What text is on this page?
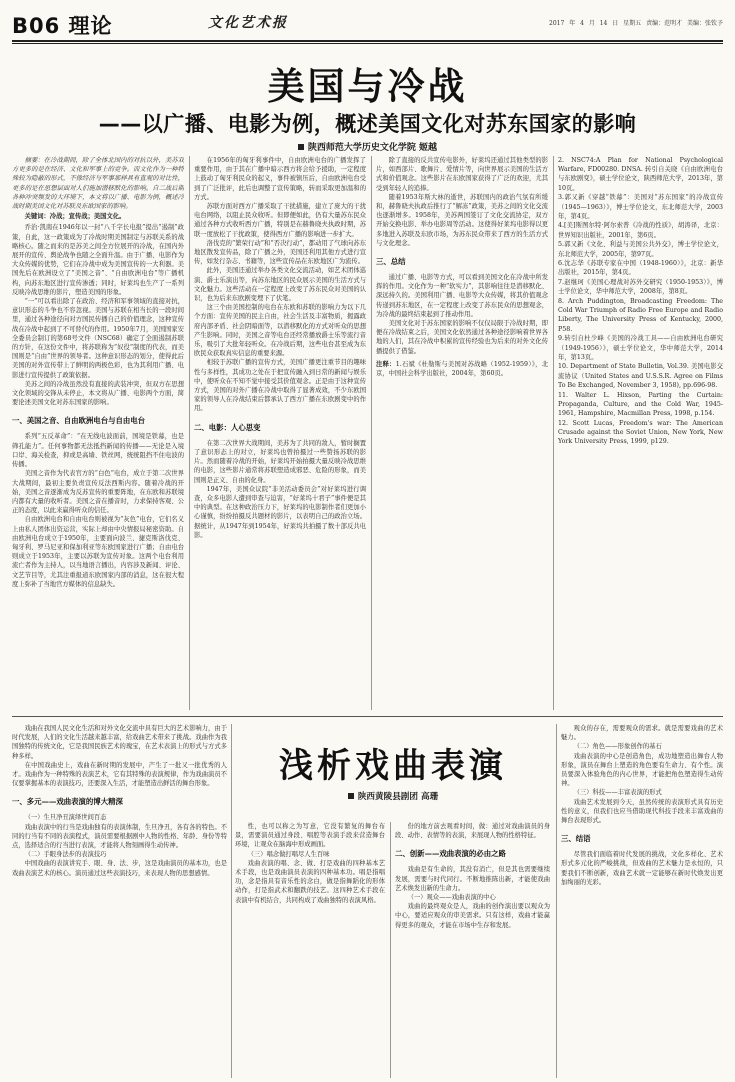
B06 理论	文化艺术报	2017 年 4 月 14 日 星期五 责编：范明才 美编：张钦予
美国与冷战
——以广播、电影为例，概述美国文化对苏东国家的影响
陕西师范大学历史文化学院 姬越

摘要：在冷战期间，除了全体北国内的对抗以外，美苏双方更多的是在经济、文化和军事上的竞争。而文化作为一种特殊较为隐蔽的形式，不像经济与军事那样具有直观的对比性，更多的是在思想层面对人们施加潜移默化的影响。自二战后期各种冲突频发的大环境下，本文将以广播、电影为例，概述冷战时期美国文化对苏联及东欧国家的影响。

关键词：冷战；宣传战；美国文化。

乔治·凯南在1946年以一封“八千字长电报”提出“遏制”政策，自此，这一政策成为了冷战时期美国制定与苏联关系的战略核心。随之而来的是苏美之间全方位展开的冷战，在国内外展开的宣传、舆论战争也随之全面升温。由于广播、电影作为大众传媒的优势，它们在冷战中成为美国宣传的一大利器。美国先后在欧洲设立了“美国之音”、“自由欧洲电台”等广播机构，向苏东地区进行宣传渗透；同时，好莱坞也生产了一系列反映冷战思维的影片，塑造美国的形象。

“一”可以看出除了在政治、经济和军事领域的直接对抗，意识形态的斗争也不容忽视。美国与苏联在相当长的一段时间里，通过各种途径向对方国民传播自己的价值理念，这种宣传战在冷战中起到了不可替代的作用。1950年7月，美国国家安全委员会制订的第68号文件（NSC68）确定了全面遏制苏联的方针，在这份文件中，将苏联称为“奴役”制度的代表，而美国则是“自由”世界的领导者。这种意识形态的划分，使得此后美国的对外宣传带上了鲜明的两极色彩，也为其利用广播、电影进行宣传提供了政策依据。

美苏之间的冷战虽然没有直接的武装冲突，但双方在思想文化领域的交锋从未停止，本文将从广播、电影两个方面，简要论述美国文化对苏东国家的影响。

一、美国之音、自由欧洲电台与自由电台

系列“五反革命”：“在无线电波面前，国境是铁幕，也是筛孔能力”。任何事物都无法抵挡新闻的传播——无论是入境口岸、海关检查，抑或是高墙、铁丝网，统统阻挡不住电波的传播。

美国之音作为代表官方的“白色”电台，成立于第二次世界大战期间，最初主要负责宣传反法西斯内容。随着冷战的开始，美国之音逐渐成为反苏宣传的重要阵地，在东欧和苏联境内都有大量的收听者。美国之音在播音时，力求保持客观、公正的态度，以此来赢得听众的信任。

自由欧洲电台和自由电台则被视为“灰色”电台，它们名义上由私人团体出资运营，实际上却由中央情报局秘密资助。自由欧洲电台成立于1950年，主要面向波兰、捷克斯洛伐克、匈牙利、罗马尼亚和保加利亚等东欧国家进行广播；自由电台则成立于1953年，主要以苏联为宣传对象。这两个电台利用流亡者作为主持人，以当地语言播出，内容涉及新闻、评论、文艺节目等，尤其注重报道东欧国家内部的消息，这在很大程度上弥补了当地官方媒体的信息缺失。

在1956年的匈牙利事件中，自由欧洲电台的广播发挥了重要作用，由于其在广播中暗示西方将会给予援助，一定程度上鼓动了匈牙利民众的起义，事件被镇压后，自由欧洲电台受到了广泛批评，此后也调整了宣传策略，转而采取更加温和的方式。

苏联方面对西方广播采取了干扰措施，建立了庞大的干扰电台网络，以阻止民众收听。但即便如此，仍有大量苏东民众通过各种方式收听西方广播，特别是在赫鲁晓夫执政时期，苏联一度放松了干扰政策，使得西方广播的影响进一步扩大。

洛伐克的“繁荣行动”和“否决行动”，都动用了气球向苏东地区散发宣传品，除了广播之外，美国还利用其他方式进行宣传，如发行杂志、书籍等，这些宣传品在东欧地区广为流传。

此外，美国还通过举办各类文化交流活动，如艺术团体巡演、爵士乐演出等，向苏东地区的民众展示美国的生活方式与文化魅力。这些活动在一定程度上改变了苏东民众对美国的认识，也为后来东欧剧变埋下了伏笔。

这三个由美国控制的电台在东欧和苏联的影响力为以下几个方面：宣传美国的民主自由，社会生活及丰富物质，揭露政府内部矛盾、社会阴暗面等，以潜移默化的方式对听众的思想产生影响。同时，美国之音等电台还经常播放爵士乐等流行音乐，吸引了大批年轻听众。在冷战后期，这些电台甚至成为东欧民众获取真实信息的重要来源。

相较于苏联广播的宣传方式，美国广播更注重节目的趣味性与多样性，其成功之处在于把宣传融入到日常的新闻与娱乐中，使听众在不知不觉中接受其价值观念。正是由于这种宣传方式，美国的对外广播在冷战中取得了显著成效，不少东欧国家的领导人在冷战结束后都承认了西方广播在东欧剧变中的作用。

二、电影：人心思变

在第二次世界大战期间，美苏为了共同的敌人，暂时搁置了意识形态上的对立，好莱坞也曾拍摄过一些赞扬苏联的影片。然而随着冷战的开始，好莱坞开始拍摄大量反映冷战思维的电影，这些影片通常将苏联塑造成邪恶、危险的形象，而美国则是正义、自由的化身。

1947年，美国众议院“非美活动委员会”对好莱坞进行调查，众多电影人遭到审查与迫害，“好莱坞十君子”事件便是其中的典型。在这种政治压力下，好莱坞的电影制作者们更加小心谨慎，纷纷拍摄反共题材的影片，以表明自己的政治立场。据统计，从1947年到1954年，好莱坞共拍摄了数十部反共电影。

除了直接的反共宣传电影外，好莱坞还通过其他类型的影片，如西部片、歌舞片、爱情片等，向世界展示美国的生活方式和价值观念。这些影片在东欧国家获得了广泛的欢迎，尤其受到年轻人的追捧。

随着1953年斯大林的逝世，苏联国内的政治气氛有所缓和，赫鲁晓夫执政后推行了“解冻”政策，美苏之间的文化交流也逐渐增多。1958年，美苏两国签订了文化交流协定，双方开始交换电影、举办电影周等活动。这使得好莱坞电影得以更多地进入苏联及东欧市场，为苏东民众带来了西方的生活方式与文化理念。

三、总结

通过广播、电影等方式，可以看到美国文化在冷战中所发挥的作用。文化作为一种“软实力”，其影响往往是潜移默化、深远持久的。美国利用广播、电影等大众传媒，将其价值观念传递到苏东地区，在一定程度上改变了苏东民众的思想观念，为冷战的最终结束起到了推动作用。

美国文化对于苏东国家的影响不仅仅局限于冷战时期，即便在冷战结束之后，美国文化依然通过各种途径影响着世界各地的人们，其在冷战中积累的宣传经验也为后来的对外文化传播提供了借鉴。

注释：1.石斌《杜勒斯与美国对苏战略（1952-1959）》，北京，中国社会科学出版社，2004年，第60页。

2. NSC74:A Plan for National Psychological Warfare, FD00280. DNSA. 转引自关晓《自由欧洲电台与东欧剧变》，硕士学位论文，陕西师范大学，2013年，第10页。

3.郭又新《穿越“铁幕”：美国对“苏东国家”的冷战宣传（1945—1963）》，博士学位论文，东北师范大学，2003年，第4页。

4.[美]斯图尔特·阿尔索普《冷战的性质》，胡涛译，北京：世界知识出版社，2001年，第6页。

5.郭又新《文化、利益与美国公共外交》，博士学位论文，东北师范大学，2005年，第97页。

6.沈志华《苏联专家在中国（1948-1960）》，北京：新华出版社，2015年，第4页。

7.赵继珂《美国心理战对苏外交研究（1950-1953）》，博士学位论文，华中师范大学，2008年，第8页。

8. Arch Puddington, Broadcasting Freedom: The Cold War Triumph of Radio Free Europe and Radio Liberty, The University Press of Kentucky, 2000, P58.

9.转引自杜少峰《美国的冷战工具——自由欧洲电台研究（1949-1956）》，硕士学位论文，华中师范大学，2014年，第13页。

10. Department of State Bulletin, Vol.39. 美国电影交流协议（United States and U.S.S.R. Agree on Films To Be Exchanged, November 3, 1958), pp.696-98.

11. Walter L. Hixson, Parting the Curtain: Propaganda, Culture, and the Cold War, 1945-1961, Hampshire, Macmillan Press, 1998, p.154.

12. Scott Lucas, Freedom's war: The American Crusade against the Soviet Union, New York, New York University Press, 1999, p129.

浅析戏曲表演
陕西黄陵县剧团 高珊

戏曲在我国人民文化生活和对外文化交流中具有巨大的艺术影响力，由于时代发展，人们的文化生活越来越丰富，给戏曲艺术带来了挑战。戏曲作为我国独特的传统文化，它是我国民族艺术的瑰宝，在艺术表演上的形式与方式多种多样。

在中国戏曲史上，戏曲在新时期的发展中，产生了一批又一批优秀的人才。戏曲作为一种特殊的表演艺术，它有其特殊的表演规律，作为戏曲演员不仅要掌握基本的表演技巧，还要深入生活，才能塑造出鲜活的舞台形象。

一、多元——戏曲表演的博大精深

（一）生旦净丑演绎世间百态

戏曲表演中的行当是戏曲独有的表演体制，生旦净丑，各有各的特色。不同的行当有不同的表演程式，演员需要根据剧中人物的性格、年龄、身份等特点，选择适合的行当进行表演，才能将人物刻画得生动传神。

（二）手眼身法步的表演技巧

中国戏曲的表演讲究手、眼、身、法、步，这是戏曲演员的基本功，也是戏曲表演艺术的核心。演员通过这些表演技巧，来表现人物的思想感情。

性，也可以称之为写意，它没有繁复的舞台布景，需要演员通过身段、唱腔等表演手段来营造舞台环境，让观众在脑海中形成画面。

（三）唱念做打唱尽人生百味

戏曲表演的唱、念、做、打是戏曲的四种基本艺术手段，也是戏曲演员表演的四种基本功。唱是指唱功，念是指具有音乐性的念白，做是指舞蹈化的形体动作，打是指武术和翻跌的技艺。这四种艺术手段在表演中有机结合，共同构成了戏曲独特的表演风格。

份的地方前去观看时间，做：通过对戏曲演员的身段、动作、表情等的表演，来展现人物的性格特征。

二、创新——戏曲表演的必由之路

戏曲是有生命的，其没有消亡，但是其也需要继续发展，需要与时代同行。不断地推陈出新，才能使戏曲艺术焕发出新的生命力。

（一）观众——戏曲表演的中心

戏曲的最终观众是人，戏曲的创作演出要以观众为中心，要适应观众的审美需求。只有这样，戏曲才能赢得更多的观众，才能在市场中生存和发展。

观众的存在，需要观众的需求。就是需要戏曲的艺术魅力。

（二）角色——形象创作的基石

戏曲表演的中心是创造角色，成功地塑造出舞台人物形象，演员在舞台上塑造的角色要有生命力、有个性。演员要深入体验角色的内心世界，才能把角色塑造得生动传神。

（三）科技——丰富表演的形式

戏曲艺术发展到今天，虽然传统的表演形式具有历史性的意义，但我们也应当借助现代科技手段来丰富戏曲的舞台表现形式。

三、结语

尽管我们面临着时代发展的挑战，文化多样化、艺术形式多元化的严峻挑战，但戏曲的艺术魅力是永恒的，只要我们不断创新，戏曲艺术就一定能够在新时代焕发出更加绚丽的光彩。
